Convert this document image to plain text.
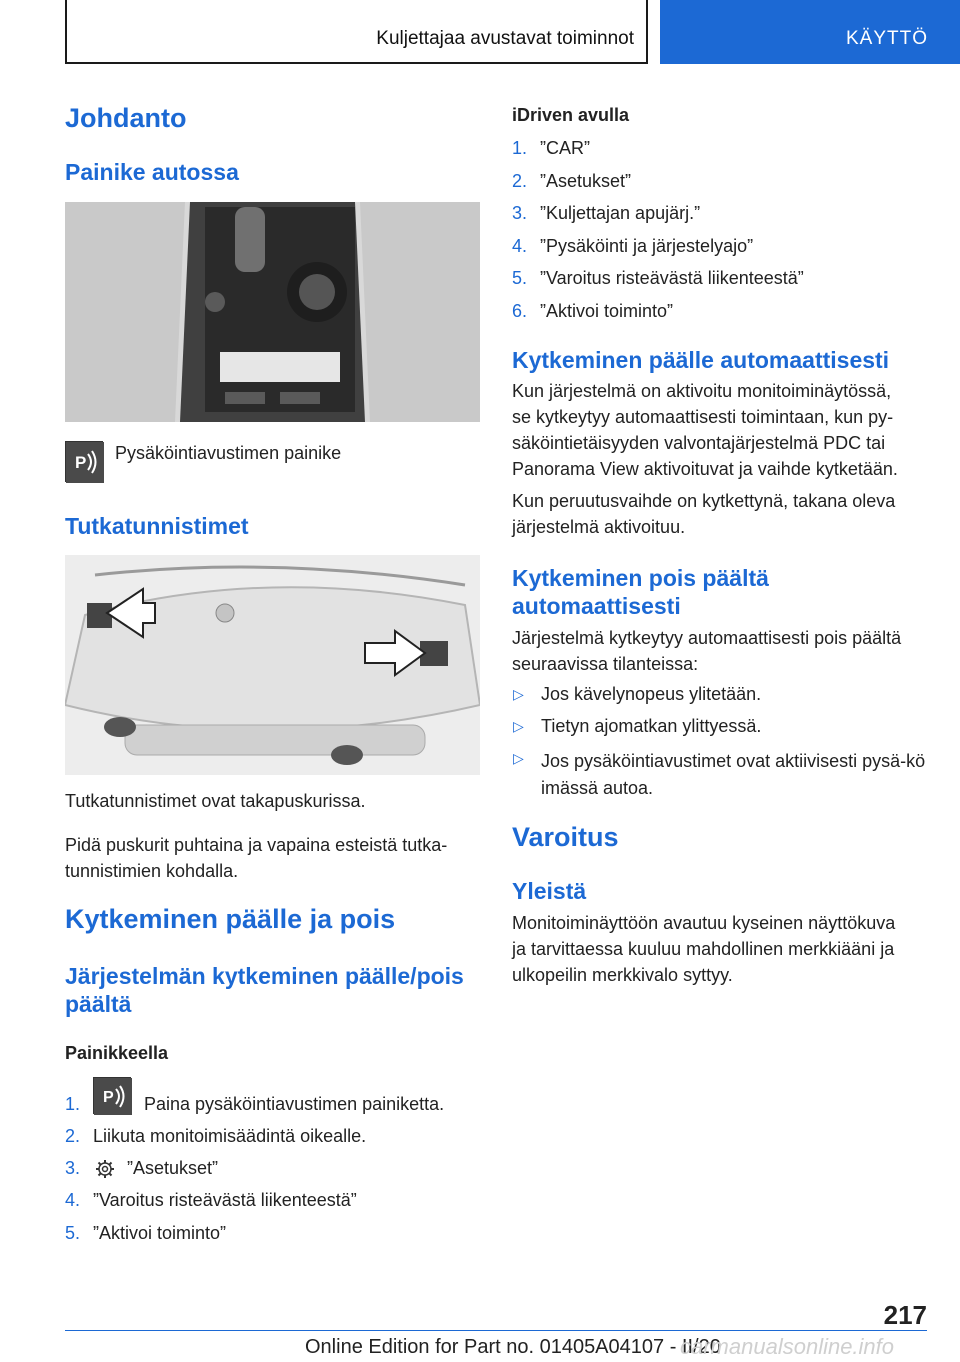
Kuljettajaa avustavat toiminnot	KÄYTTÖ
Johdanto
Painike autossa
P Pysäköintiavustimen painike
Tutkatunnistimet
Tutkatunnistimet ovat takapuskurissa.
Pidä puskurit puhtaina ja vapaina esteistä tutka-
tunnistimien kohdalla.
Kytkeminen päälle ja pois
Järjestelmän kytkeminen päälle/pois
päältä
Painikkeella
1. P Paina pysäköintiavustimen painiketta.
2. Liikuta monitoimisäädintä oikealle.
3.	”Asetukset”
4. ”Varoitus risteävästä liikenteestä”
5. ”Aktivoi toiminto”
iDriven avulla
1. ”CAR”
2. ”Asetukset”
3. ”Kuljettajan apujärj.”
4. ”Pysäköinti ja järjestelyajo”
5. ”Varoitus risteävästä liikenteestä”
6. ”Aktivoi toiminto”
Kytkeminen päälle automaattisesti
Kun järjestelmä on aktivoitu monitoiminäytössä,
se kytkeytyy automaattisesti toimintaan, kun py-
säköintietäisyyden valvontajärjestelmä PDC tai
Panorama View aktivoituvat ja vaihde kytketään.
Kun peruutusvaihde on kytkettynä, takana oleva
järjestelmä aktivoituu.
Kytkeminen pois päältä
automaattisesti
Järjestelmä kytkeytyy automaattisesti pois päältä
seuraavissa tilanteissa:
▷ Jos kävelynopeus ylitetään.
▷ Tietyn ajomatkan ylittyessä.
▷ Jos pysäköintiavustimet ovat aktiivisesti pysä-köimässä autoa.
Varoitus
Yleistä
Monitoiminäyttöön avautuu kyseinen näyttökuva
ja tarvittaessa kuuluu mahdollinen merkkiääni ja
ulkopeilin merkkivalo syttyy.
217
Online Edition for Part no. 01405A04107 - II/20
carmanualsonline.info
